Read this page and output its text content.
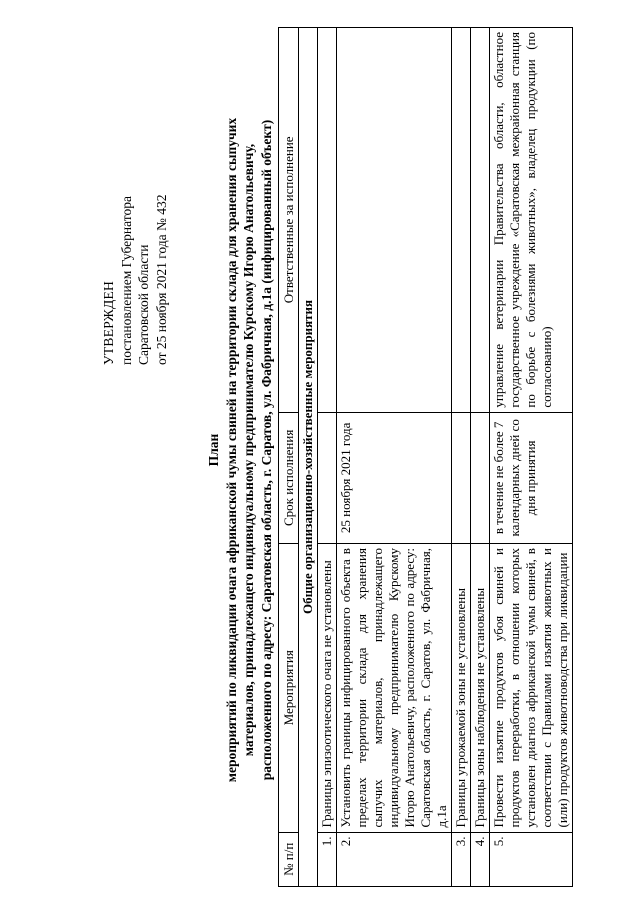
УТВЕРЖДЕН постановлением Губернатора Саратовской области от 25 ноября 2021 года № 432
План мероприятий по ликвидации очага африканской чумы свиней на территории склада для хранения сыпучих материалов, принадлежащего индивидуальному предпринимателю Курскому Игорю Анатольевичу, расположенного по адресу: Саратовская область, г. Саратов, ул. Фабричная, д.1а (инфицированный объект)
№ п/п	Мероприятия	Срок исполнения	Ответственные за исполнение
Общие организационно-хозяйственные мероприятия			
1.	Границы эпизоотического очага не установлены		
2.	Установить границы инфицированного объекта в пределах территории склада для хранения сыпучих материалов, принадлежащего индивидуальному предпринимателю Курскому Игорю Анатольевичу, расположенного по адресу: Саратовская область, г. Саратов, ул. Фабричная, д.1а	25 ноября 2021 года	
3.	Границы угрожаемой зоны не установлены		
4.	Границы зоны наблюдения не установлены		
5.	Провести изъятие продуктов убоя свиней и продуктов переработки, в отношении которых установлен диагноз африканской чумы свиней, в соответствии с Правилами изъятия животных и (или) продуктов животноводства при ликвидации	в течение не более 7 календарных дней со дня принятия	управление ветеринарии Правительства области, областное государственное учреждение «Саратовская межрайонная станция по борьбе с болезнями животных», владелец продукции (по согласованию)
